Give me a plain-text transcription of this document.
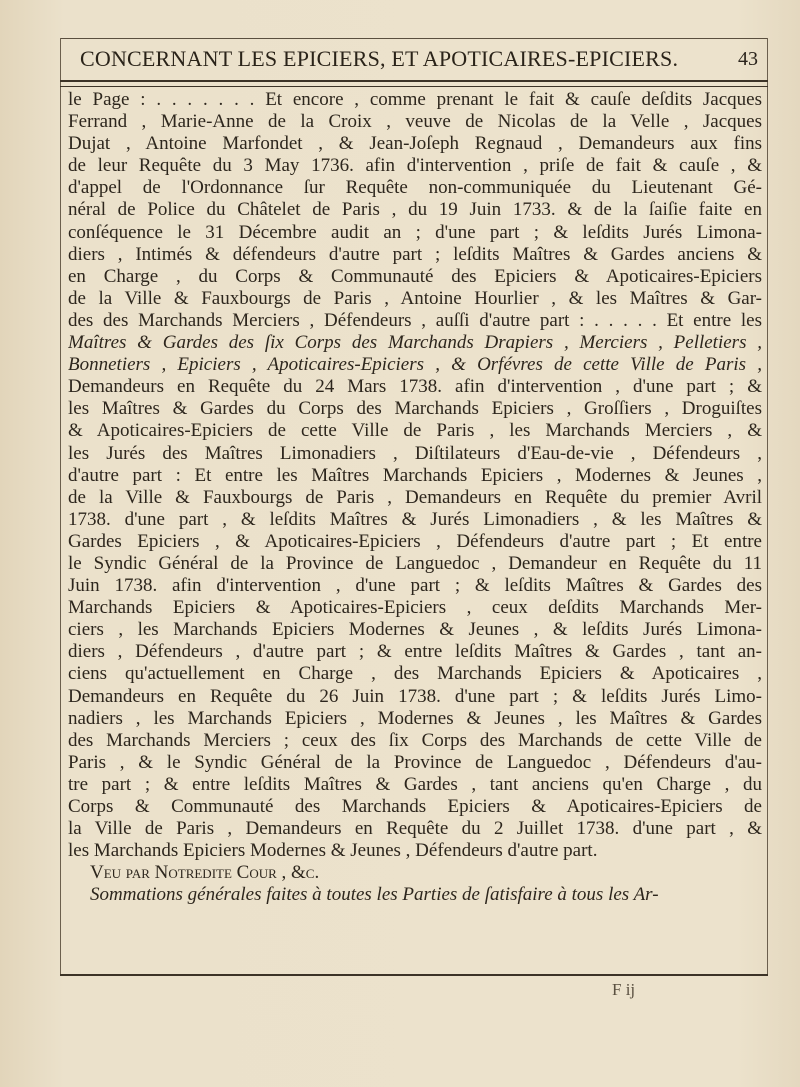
CONCERNANT LES EPICIERS, ET APOTICAIRES-EPICIERS.	43
le Page : . . . . . . . Et encore , comme prenant le fait & cauſe deſdits Jacques
Ferrand , Marie-Anne de la Croix , veuve de Nicolas de la Velle , Jacques
Dujat , Antoine Marfondet , & Jean-Joſeph Regnaud , Demandeurs aux fins
de leur Requête du 3 May 1736. afin d'intervention , priſe de fait & cauſe , &
d'appel de l'Ordonnance ſur Requête non-communiquée du Lieutenant Gé-
néral de Police du Châtelet de Paris , du 19 Juin 1733. & de la ſaiſie faite en
conſéquence le 31 Décembre audit an ; d'une part ; & leſdits Jurés Limona-
diers , Intimés & défendeurs d'autre part ; leſdits Maîtres & Gardes anciens &
en Charge , du Corps & Communauté des Epiciers & Apoticaires-Epiciers
de la Ville & Fauxbourgs de Paris , Antoine Hourlier , & les Maîtres & Gar-
des des Marchands Merciers , Défendeurs , auſſi d'autre part : . . . . . Et entre les
Maîtres & Gardes des ſix Corps des Marchands Drapiers , Merciers , Pelletiers ,
Bonnetiers , Epiciers , Apoticaires-Epiciers , & Orfévres de cette Ville de Paris ,
Demandeurs en Requête du 24 Mars 1738. afin d'intervention , d'une part ; &
les Maîtres & Gardes du Corps des Marchands Epiciers , Groſſiers , Droguiſtes
& Apoticaires-Epiciers de cette Ville de Paris , les Marchands Merciers , &
les Jurés des Maîtres Limonadiers , Diſtilateurs d'Eau-de-vie , Défendeurs ,
d'autre part : Et entre les Maîtres Marchands Epiciers , Modernes & Jeunes ,
de la Ville & Fauxbourgs de Paris , Demandeurs en Requête du premier Avril
1738. d'une part , & leſdits Maîtres & Jurés Limonadiers , & les Maîtres &
Gardes Epiciers , & Apoticaires-Epiciers , Défendeurs d'autre part ; Et entre
le Syndic Général de la Province de Languedoc , Demandeur en Requête du 11
Juin 1738. afin d'intervention , d'une part ; & leſdits Maîtres & Gardes des
Marchands Epiciers & Apoticaires-Epiciers , ceux deſdits Marchands Mer-
ciers , les Marchands Epiciers Modernes & Jeunes , & leſdits Jurés Limona-
diers , Défendeurs , d'autre part ; & entre leſdits Maîtres & Gardes , tant an-
ciens qu'actuellement en Charge , des Marchands Epiciers & Apoticaires ,
Demandeurs en Requête du 26 Juin 1738. d'une part ; & leſdits Jurés Limo-
nadiers , les Marchands Epiciers , Modernes & Jeunes , les Maîtres & Gardes
des Marchands Merciers ; ceux des ſix Corps des Marchands de cette Ville de
Paris , & le Syndic Général de la Province de Languedoc , Défendeurs d'au-
tre part ; & entre leſdits Maîtres & Gardes , tant anciens qu'en Charge , du
Corps & Communauté des Marchands Epiciers & Apoticaires-Epiciers de
la Ville de Paris , Demandeurs en Requête du 2 Juillet 1738. d'une part , &
les Marchands Epiciers Modernes & Jeunes , Défendeurs d'autre part.
Veu par Notredite Cour , &c.
Sommations générales faites à toutes les Parties de ſatisfaire à tous les Ar-
F ij
